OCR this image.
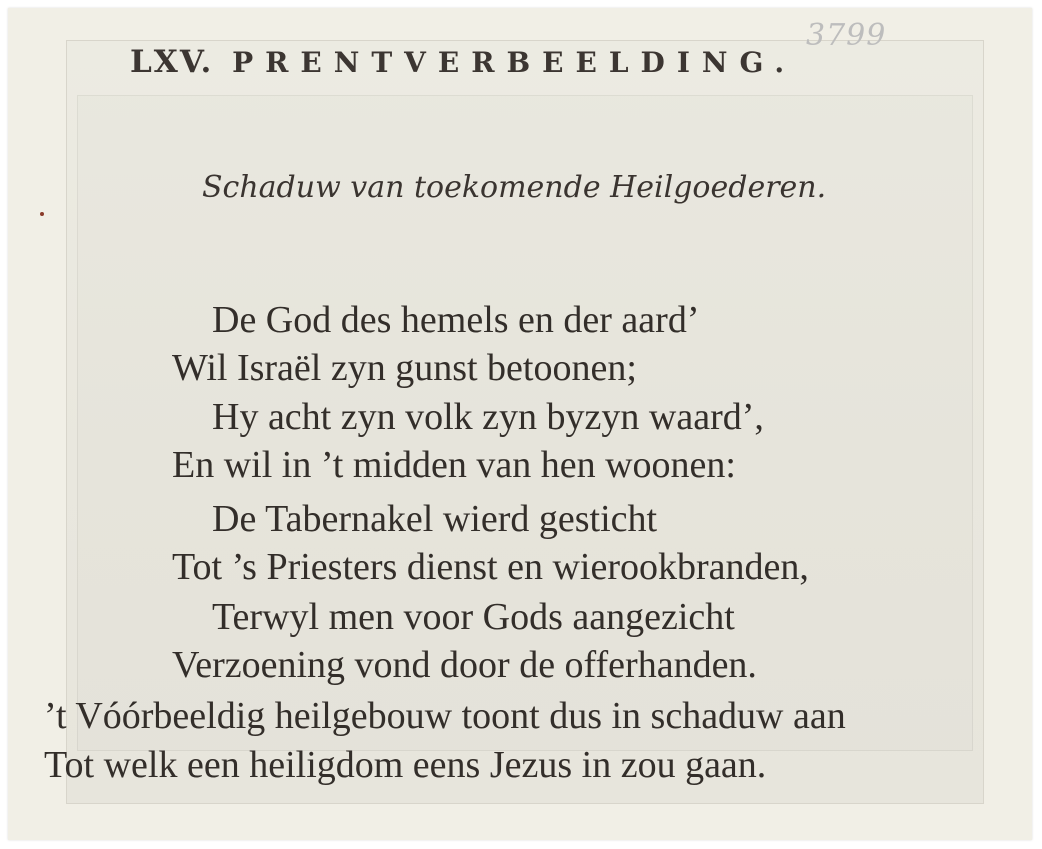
3799
LXV. PRENTVERBEELDING.
Schaduw van toekomende Heilgoederen.
De God des hemels en der aard’
Wil Israël zyn gunst betoonen;
Hy acht zyn volk zyn byzyn waard’,
En wil in ’t midden van hen woonen:
De Tabernakel wierd gesticht
Tot ’s Priesters dienst en wierookbranden,
Terwyl men voor Gods aangezicht
Verzoening vond door de offerhanden.
’t Vóórbeeldig heilgebouw toont dus in schaduw aan
Tot welk een heiligdom eens Jezus in zou gaan.
